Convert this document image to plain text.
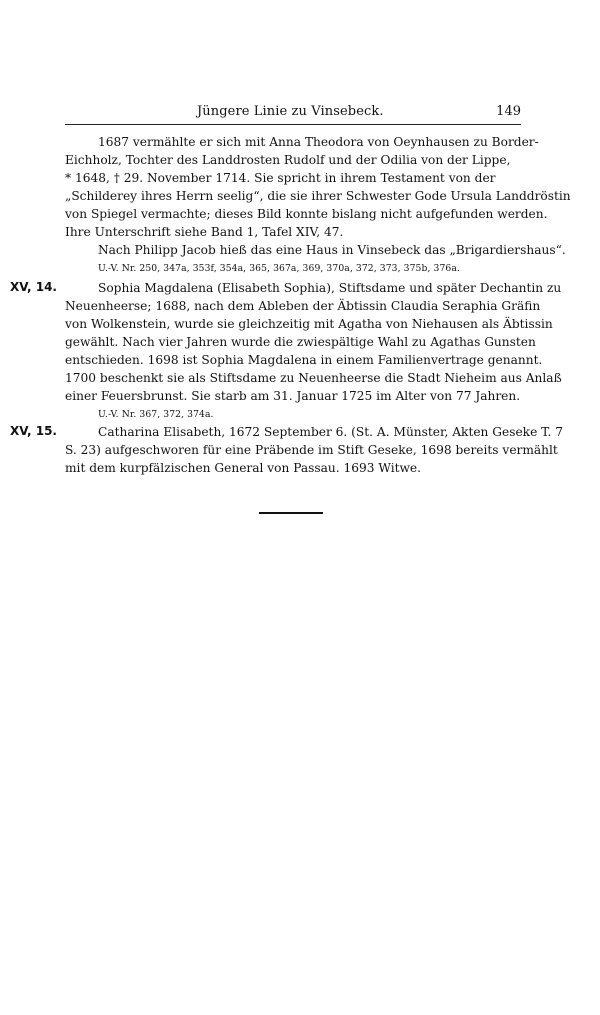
Jüngere Linie zu Vinsebeck.	149
1687 vermählte er sich mit Anna Theodora von Oeynhausen zu Border-
Eichholz, Tochter des Landdrosten Rudolf und der Odilia von der Lippe,
* 1648, † 29. November 1714. Sie spricht in ihrem Testament von der
„Schilderey ihres Herrn seelig“, die sie ihrer Schwester Gode Ursula Landdröstin
von Spiegel vermachte; dieses Bild konnte bislang nicht aufgefunden werden.
Ihre Unterschrift siehe Band 1, Tafel XIV, 47.
Nach Philipp Jacob hieß das eine Haus in Vinsebeck das „Brigardiershaus“.
U.-V. Nr. 250, 347a, 353f, 354a, 365, 367a, 369, 370a, 372, 373, 375b, 376a.
XV, 14.	Sophia Magdalena (Elisabeth Sophia), Stiftsdame und später Dechantin zu
Neuenheerse; 1688, nach dem Ableben der Äbtissin Claudia Seraphia Gräfin
von Wolkenstein, wurde sie gleichzeitig mit Agatha von Niehausen als Äbtissin
gewählt. Nach vier Jahren wurde die zwiespältige Wahl zu Agathas Gunsten
entschieden. 1698 ist Sophia Magdalena in einem Familienvertrage genannt.
1700 beschenkt sie als Stiftsdame zu Neuenheerse die Stadt Nieheim aus Anlaß
einer Feuersbrunst. Sie starb am 31. Januar 1725 im Alter von 77 Jahren.
U.-V. Nr. 367, 372, 374a.
XV, 15.	Catharina Elisabeth, 1672 September 6. (St. A. Münster, Akten Geseke T. 7
S. 23) aufgeschworen für eine Präbende im Stift Geseke, 1698 bereits vermählt
mit dem kurpfälzischen General von Passau. 1693 Witwe.
